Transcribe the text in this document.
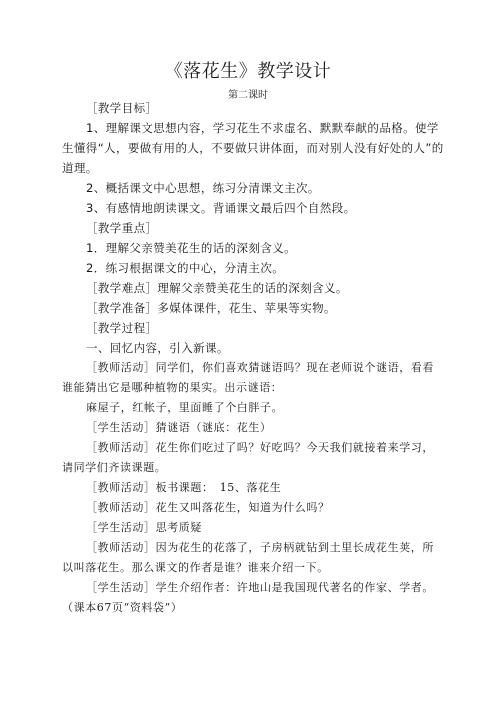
《落花生》教学设计
第二课时

［教学目标］

1、理解课文思想内容，学习花生不求虚名、默默奉献的品格。使学生懂得“人，要做有用的人，不要做只讲体面，而对别人没有好处的人”的道理。

2、概括课文中心思想，练习分清课文主次。

3、有感情地朗读课文。背诵课文最后四个自然段。

［教学重点］

1．理解父亲赞美花生的话的深刻含义。

2．练习根据课文的中心，分清主次。

［教学难点］理解父亲赞美花生的话的深刻含义。

［教学准备］多媒体课件，花生、苹果等实物。

［教学过程］

一、回忆内容，引入新课。

［教师活动］同学们，你们喜欢猜谜语吗？现在老师说个谜语，看看谁能猜出它是哪种植物的果实。出示谜语：

麻屋子，红帐子，里面睡了个白胖子。

［学生活动］猜谜语（谜底：花生）

［教师活动］花生你们吃过了吗？好吃吗？今天我们就接着来学习，请同学们齐读课题。

［教师活动］板书课题：　15、落花生

［教师活动］花生又叫落花生，知道为什么吗？

［学生活动］思考质疑

［教师活动］因为花生的花落了，子房柄就钻到土里长成花生荚，所以叫落花生。那么课文的作者是谁？谁来介绍一下。

［学生活动］学生介绍作者：许地山是我国现代著名的作家、学者。（课本67页“资料袋”）
